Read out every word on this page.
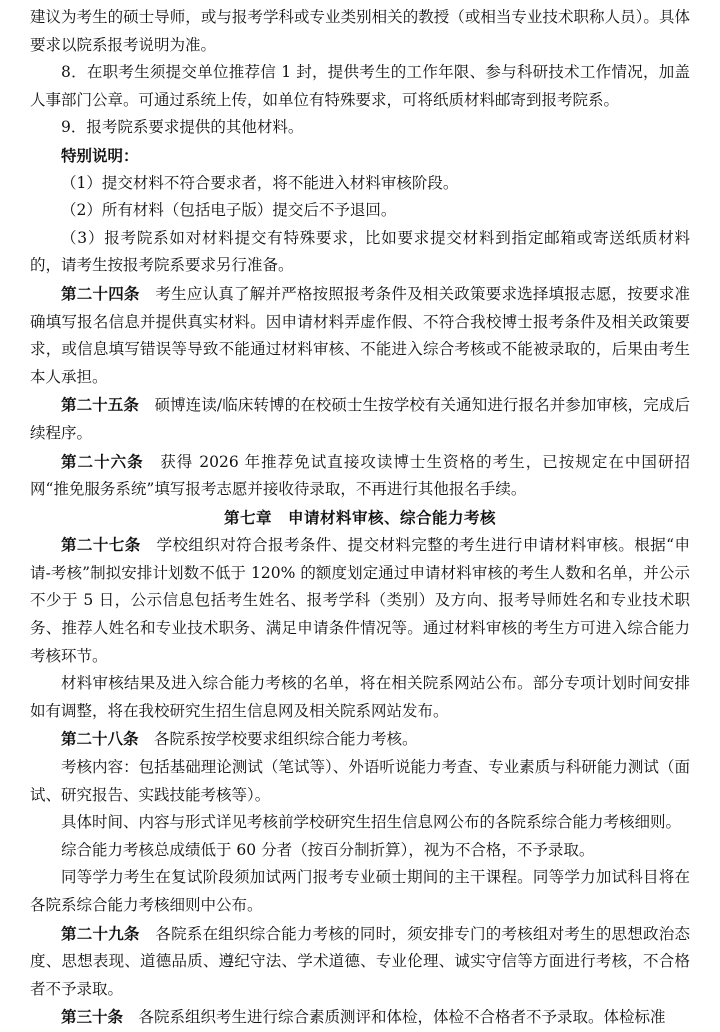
建议为考生的硕士导师，或与报考学科或专业类别相关的教授（或相当专业技术职称人员）。具体要求以院系报考说明为准。

8．在职考生须提交单位推荐信 1 封，提供考生的工作年限、参与科研技术工作情况，加盖人事部门公章。可通过系统上传，如单位有特殊要求，可将纸质材料邮寄到报考院系。

9．报考院系要求提供的其他材料。

特别说明：

（1）提交材料不符合要求者，将不能进入材料审核阶段。

（2）所有材料（包括电子版）提交后不予退回。

（3）报考院系如对材料提交有特殊要求，比如要求提交材料到指定邮箱或寄送纸质材料的，请考生按报考院系要求另行准备。

第二十四条　 考生应认真了解并严格按照报考条件及相关政策要求选择填报志愿，按要求准确填写报名信息并提供真实材料。因申请材料弄虚作假、不符合我校博士报考条件及相关政策要求，或信息填写错误等导致不能通过材料审核、不能进入综合考核或不能被录取的，后果由考生本人承担。

第二十五条　 硕博连读/临床转博的在校硕士生按学校有关通知进行报名并参加审核，完成后续程序。

第二十六条　 获得 2026 年推荐免试直接攻读博士生资格的考生，已按规定在中国研招网“推免服务系统”填写报考志愿并接收待录取，不再进行其他报名手续。

第七章　申请材料审核、综合能力考核

第二十七条　 学校组织对符合报考条件、提交材料完整的考生进行申请材料审核。根据“申请-考核”制拟安排计划数不低于 120% 的额度划定通过申请材料审核的考生人数和名单，并公示不少于 5 日，公示信息包括考生姓名、报考学科（类别）及方向、报考导师姓名和专业技术职务、推荐人姓名和专业技术职务、满足申请条件情况等。通过材料审核的考生方可进入综合能力考核环节。

材料审核结果及进入综合能力考核的名单，将在相关院系网站公布。部分专项计划时间安排如有调整，将在我校研究生招生信息网及相关院系网站发布。

第二十八条　 各院系按学校要求组织综合能力考核。

考核内容：包括基础理论测试（笔试等）、外语听说能力考查、专业素质与科研能力测试（面试、研究报告、实践技能考核等）。

具体时间、内容与形式详见考核前学校研究生招生信息网公布的各院系综合能力考核细则。

综合能力考核总成绩低于 60 分者（按百分制折算），视为不合格，不予录取。

同等学力考生在复试阶段须加试两门报考专业硕士期间的主干课程。同等学力加试科目将在各院系综合能力考核细则中公布。

第二十九条　 各院系在组织综合能力考核的同时，须安排专门的考核组对考生的思想政治态度、思想表现、道德品质、遵纪守法、学术道德、专业伦理、诚实守信等方面进行考核，不合格者不予录取。

第三十条　 各院系组织考生进行综合素质测评和体检，体检不合格者不予录取。体检标准
